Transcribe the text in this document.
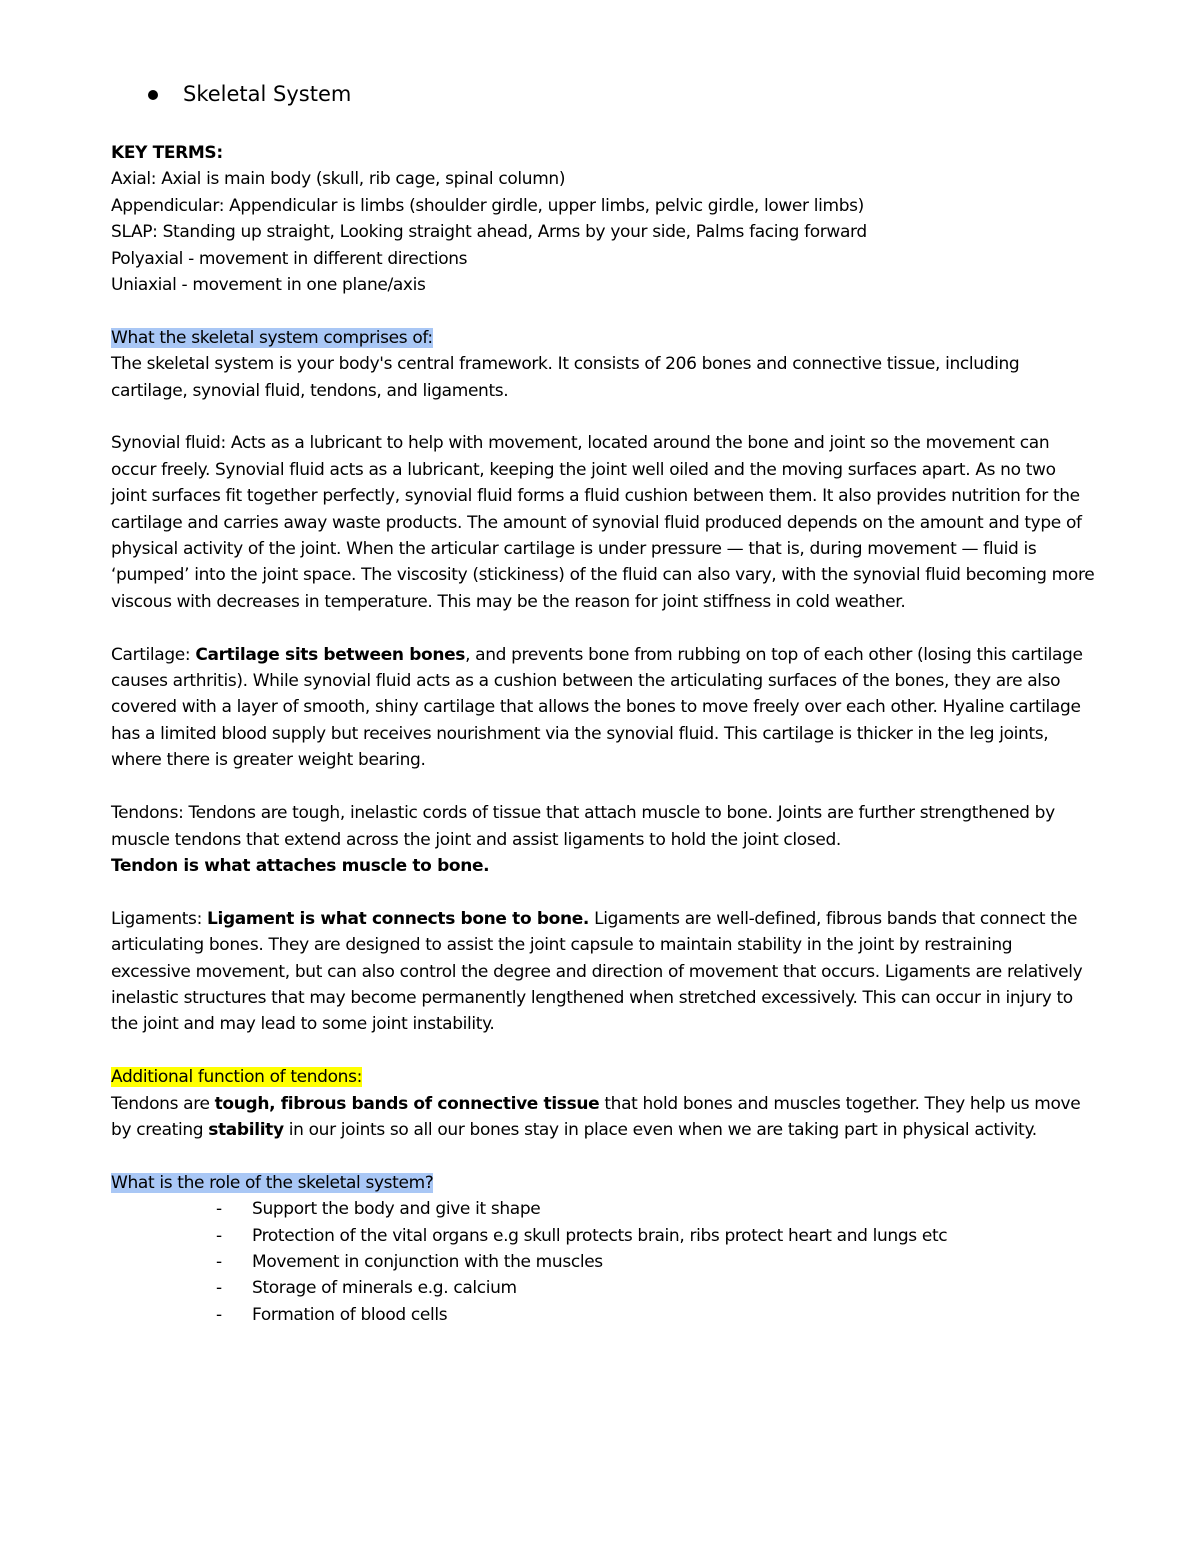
Skeletal System

KEY TERMS:

Axial: Axial is main body (skull, rib cage, spinal column)

Appendicular: Appendicular is limbs (shoulder girdle, upper limbs, pelvic girdle, lower limbs)

SLAP: Standing up straight, Looking straight ahead, Arms by your side, Palms facing forward

Polyaxial - movement in different directions

Uniaxial - movement in one plane/axis

What the skeletal system comprises of:

The skeletal system is your body's central framework. It consists of 206 bones and connective tissue, including cartilage, synovial fluid, tendons, and ligaments.

Synovial fluid: Acts as a lubricant to help with movement, located around the bone and joint so the movement can occur freely. Synovial fluid acts as a lubricant, keeping the joint well oiled and the moving surfaces apart. As no two joint surfaces fit together perfectly, synovial fluid forms a fluid cushion between them. It also provides nutrition for the cartilage and carries away waste products. The amount of synovial fluid produced depends on the amount and type of physical activity of the joint. When the articular cartilage is under pressure — that is, during movement — fluid is ‘pumped’ into the joint space. The viscosity (stickiness) of the fluid can also vary, with the synovial fluid becoming more viscous with decreases in temperature. This may be the reason for joint stiffness in cold weather.

Cartilage: Cartilage sits between bones, and prevents bone from rubbing on top of each other (losing this cartilage causes arthritis). While synovial fluid acts as a cushion between the articulating surfaces of the bones, they are also covered with a layer of smooth, shiny cartilage that allows the bones to move freely over each other. Hyaline cartilage has a limited blood supply but receives nourishment via the synovial fluid. This cartilage is thicker in the leg joints, where there is greater weight bearing.

Tendons: Tendons are tough, inelastic cords of tissue that attach muscle to bone. Joints are further strengthened by muscle tendons that extend across the joint and assist ligaments to hold the joint closed.

Tendon is what attaches muscle to bone.

Ligaments: Ligament is what connects bone to bone. Ligaments are well-defined, fibrous bands that connect the articulating bones. They are designed to assist the joint capsule to maintain stability in the joint by restraining excessive movement, but can also control the degree and direction of movement that occurs. Ligaments are relatively inelastic structures that may become permanently lengthened when stretched excessively. This can occur in injury to the joint and may lead to some joint instability.

Additional function of tendons:

Tendons are tough, fibrous bands of connective tissue that hold bones and muscles together. They help us move by creating stability in our joints so all our bones stay in place even when we are taking part in physical activity.

What is the role of the skeletal system?

- Support the body and give it shape
- Protection of the vital organs e.g skull protects brain, ribs protect heart and lungs etc
- Movement in conjunction with the muscles
- Storage of minerals e.g. calcium
- Formation of blood cells
